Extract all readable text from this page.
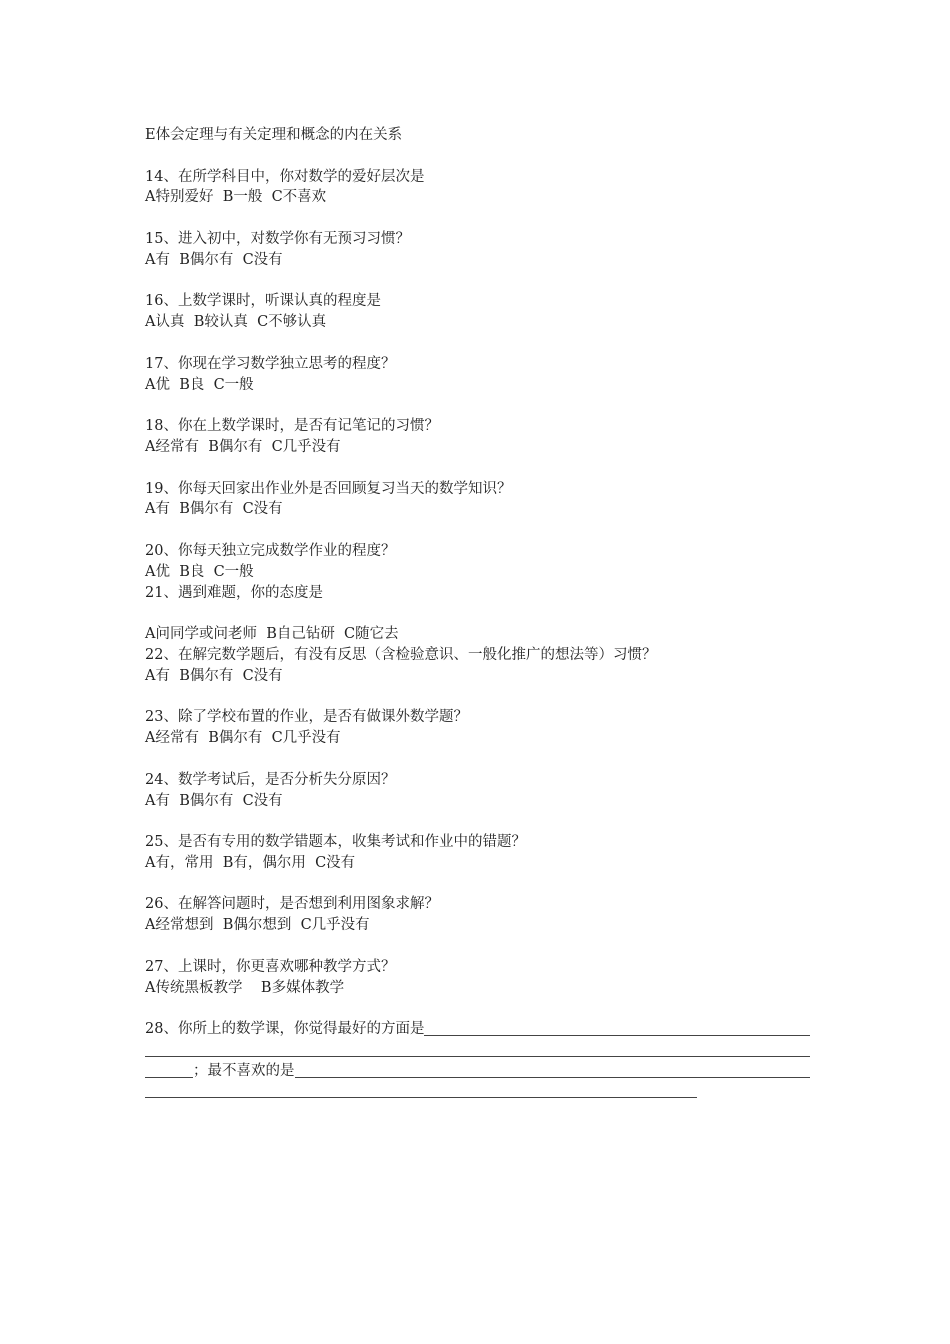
E体会定理与有关定理和概念的内在关系
14、在所学科目中，你对数学的爱好层次是
A特别爱好  B一般  C不喜欢
15、进入初中，对数学你有无预习习惯？
A有  B偶尔有  C没有
16、上数学课时，听课认真的程度是
A认真  B较认真  C不够认真
17、你现在学习数学独立思考的程度？
A优  B良  C一般
18、你在上数学课时，是否有记笔记的习惯？
A经常有  B偶尔有  C几乎没有
19、你每天回家出作业外是否回顾复习当天的数学知识？
A有  B偶尔有  C没有
20、你每天独立完成数学作业的程度？
A优  B良  C一般
21、遇到难题，你的态度是
A问同学或问老师  B自己钻研  C随它去
22、在解完数学题后，有没有反思（含检验意识、一般化推广的想法等）习惯？
A有  B偶尔有  C没有
23、除了学校布置的作业，是否有做课外数学题？
A经常有  B偶尔有  C几乎没有
24、数学考试后，是否分析失分原因？
A有  B偶尔有  C没有
25、是否有专用的数学错题本，收集考试和作业中的错题？
A有，常用  B有，偶尔用  C没有
26、在解答问题时，是否想到利用图象求解？
A经常想到  B偶尔想到  C几乎没有
27、上课时，你更喜欢哪种教学方式？
A传统黑板教学    B多媒体教学
28、你所上的数学课，你觉得最好的方面是
；最不喜欢的是
